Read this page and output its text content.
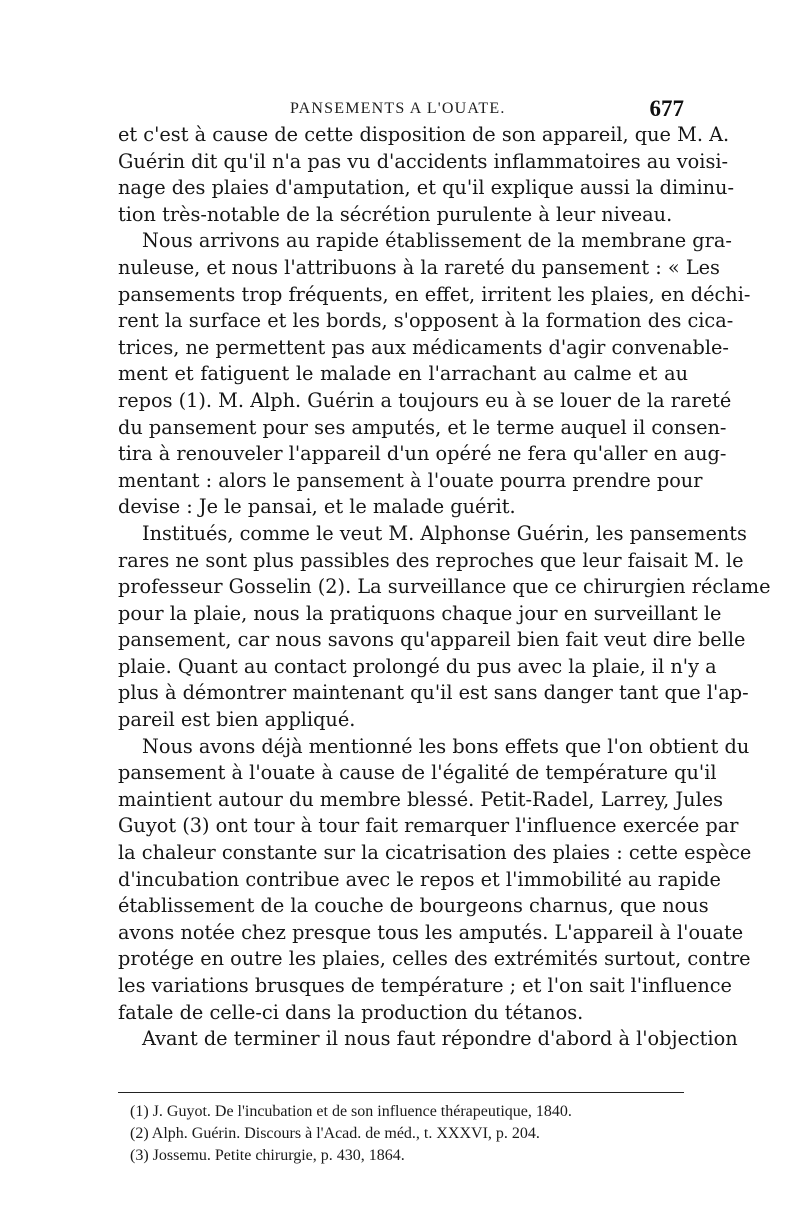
PANSEMENTS A L'OUATE.	677
et c'est à cause de cette disposition de son appareil, que M. A.
Guérin dit qu'il n'a pas vu d'accidents inflammatoires au voisi-
nage des plaies d'amputation, et qu'il explique aussi la diminu-
tion très-notable de la sécrétion purulente à leur niveau.
Nous arrivons au rapide établissement de la membrane gra-
nuleuse, et nous l'attribuons à la rareté du pansement : « Les
pansements trop fréquents, en effet, irritent les plaies, en déchi-
rent la surface et les bords, s'opposent à la formation des cica-
trices, ne permettent pas aux médicaments d'agir convenable-
ment et fatiguent le malade en l'arrachant au calme et au
repos (1). M. Alph. Guérin a toujours eu à se louer de la rareté
du pansement pour ses amputés, et le terme auquel il consen-
tira à renouveler l'appareil d'un opéré ne fera qu'aller en aug-
mentant : alors le pansement à l'ouate pourra prendre pour
devise : Je le pansai, et le malade guérit.
Institués, comme le veut M. Alphonse Guérin, les pansements
rares ne sont plus passibles des reproches que leur faisait M. le
professeur Gosselin (2). La surveillance que ce chirurgien réclame
pour la plaie, nous la pratiquons chaque jour en surveillant le
pansement, car nous savons qu'appareil bien fait veut dire belle
plaie. Quant au contact prolongé du pus avec la plaie, il n'y a
plus à démontrer maintenant qu'il est sans danger tant que l'ap-
pareil est bien appliqué.
Nous avons déjà mentionné les bons effets que l'on obtient du
pansement à l'ouate à cause de l'égalité de température qu'il
maintient autour du membre blessé. Petit-Radel, Larrey, Jules
Guyot (3) ont tour à tour fait remarquer l'influence exercée par
la chaleur constante sur la cicatrisation des plaies : cette espèce
d'incubation contribue avec le repos et l'immobilité au rapide
établissement de la couche de bourgeons charnus, que nous
avons notée chez presque tous les amputés. L'appareil à l'ouate
protége en outre les plaies, celles des extrémités surtout, contre
les variations brusques de température ; et l'on sait l'influence
fatale de celle-ci dans la production du tétanos.
Avant de terminer il nous faut répondre d'abord à l'objection
(1) J. Guyot. De l'incubation et de son influence thérapeutique, 1840.
(2) Alph. Guérin. Discours à l'Acad. de méd., t. XXXVI, p. 204.
(3) Jossemu. Petite chirurgie, p. 430, 1864.
